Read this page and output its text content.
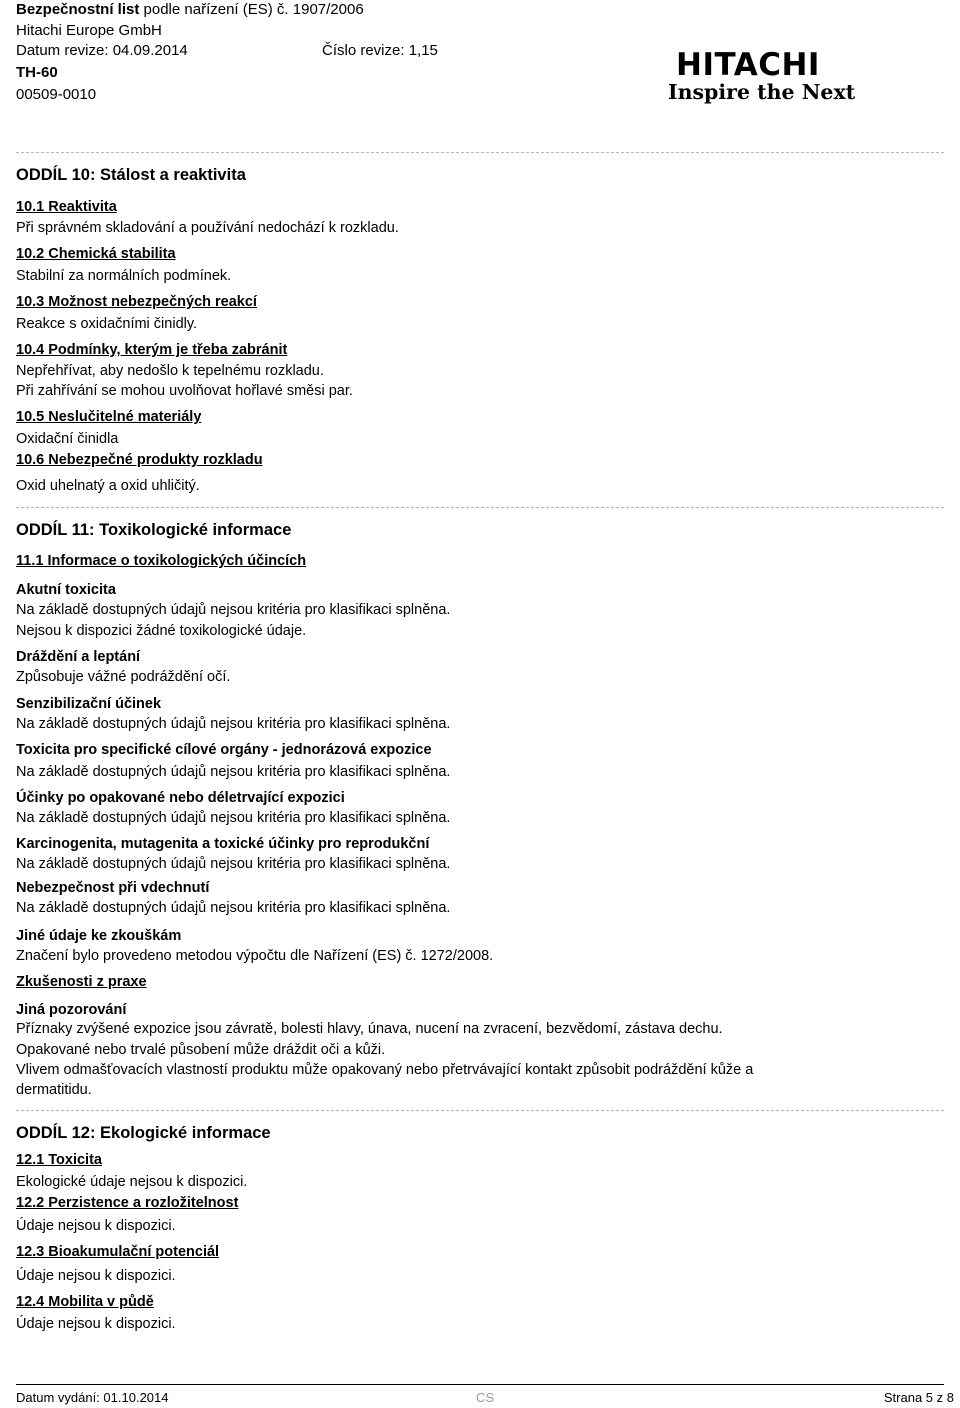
Bezpečnostní list podle nařízení (ES) č. 1907/2006
Hitachi Europe GmbH
Datum revize: 04.09.2014	Číslo revize: 1,15
TH-60
00509-0010
HITACHI
Inspire the Next
ODDÍL 10: Stálost a reaktivita
10.1 Reaktivita
Při správném skladování a používání nedochází k rozkladu.
10.2 Chemická stabilita
Stabilní za normálních podmínek.
10.3 Možnost nebezpečných reakcí
Reakce s oxidačními činidly.
10.4 Podmínky, kterým je třeba zabránit
Nepřehřívat, aby nedošlo k tepelnému rozkladu.
Při zahřívání se mohou uvolňovat hořlavé směsi par.
10.5 Neslučitelné materiály
Oxidační činidla
10.6 Nebezpečné produkty rozkladu
Oxid uhelnatý a oxid uhličitý.
ODDÍL 11: Toxikologické informace
11.1 Informace o toxikologických účincích
Akutní toxicita
Na základě dostupných údajů nejsou kritéria pro klasifikaci splněna.
Nejsou k dispozici žádné toxikologické údaje.
Dráždění a leptání
Způsobuje vážné podráždění očí.
Senzibilizační účinek
Na základě dostupných údajů nejsou kritéria pro klasifikaci splněna.
Toxicita pro specifické cílové orgány - jednorázová expozice
Na základě dostupných údajů nejsou kritéria pro klasifikaci splněna.
Účinky po opakované nebo déletrvající expozici
Na základě dostupných údajů nejsou kritéria pro klasifikaci splněna.
Karcinogenita, mutagenita a toxické účinky pro reprodukční
Na základě dostupných údajů nejsou kritéria pro klasifikaci splněna.
Nebezpečnost při vdechnutí
Na základě dostupných údajů nejsou kritéria pro klasifikaci splněna.
Jiné údaje ke zkouškám
Značení bylo provedeno metodou výpočtu dle Nařízení (ES) č. 1272/2008.
Zkušenosti z praxe
Jiná pozorování
Příznaky zvýšené expozice jsou závratě, bolesti hlavy, únava, nucení na zvracení, bezvědomí, zástava dechu.
Opakované nebo trvalé působení může dráždit oči a kůži.
Vlivem odmašťovacích vlastností produktu může opakovaný nebo přetrvávající kontakt způsobit podráždění kůže a
dermatitidu.
ODDÍL 12: Ekologické informace
12.1 Toxicita
Ekologické údaje nejsou k dispozici.
12.2 Perzistence a rozložitelnost
Údaje nejsou k dispozici.
12.3 Bioakumulační potenciál
Údaje nejsou k dispozici.
12.4 Mobilita v půdě
Údaje nejsou k dispozici.
Datum vydání: 01.10.2014	CS	Strana 5 z 8
